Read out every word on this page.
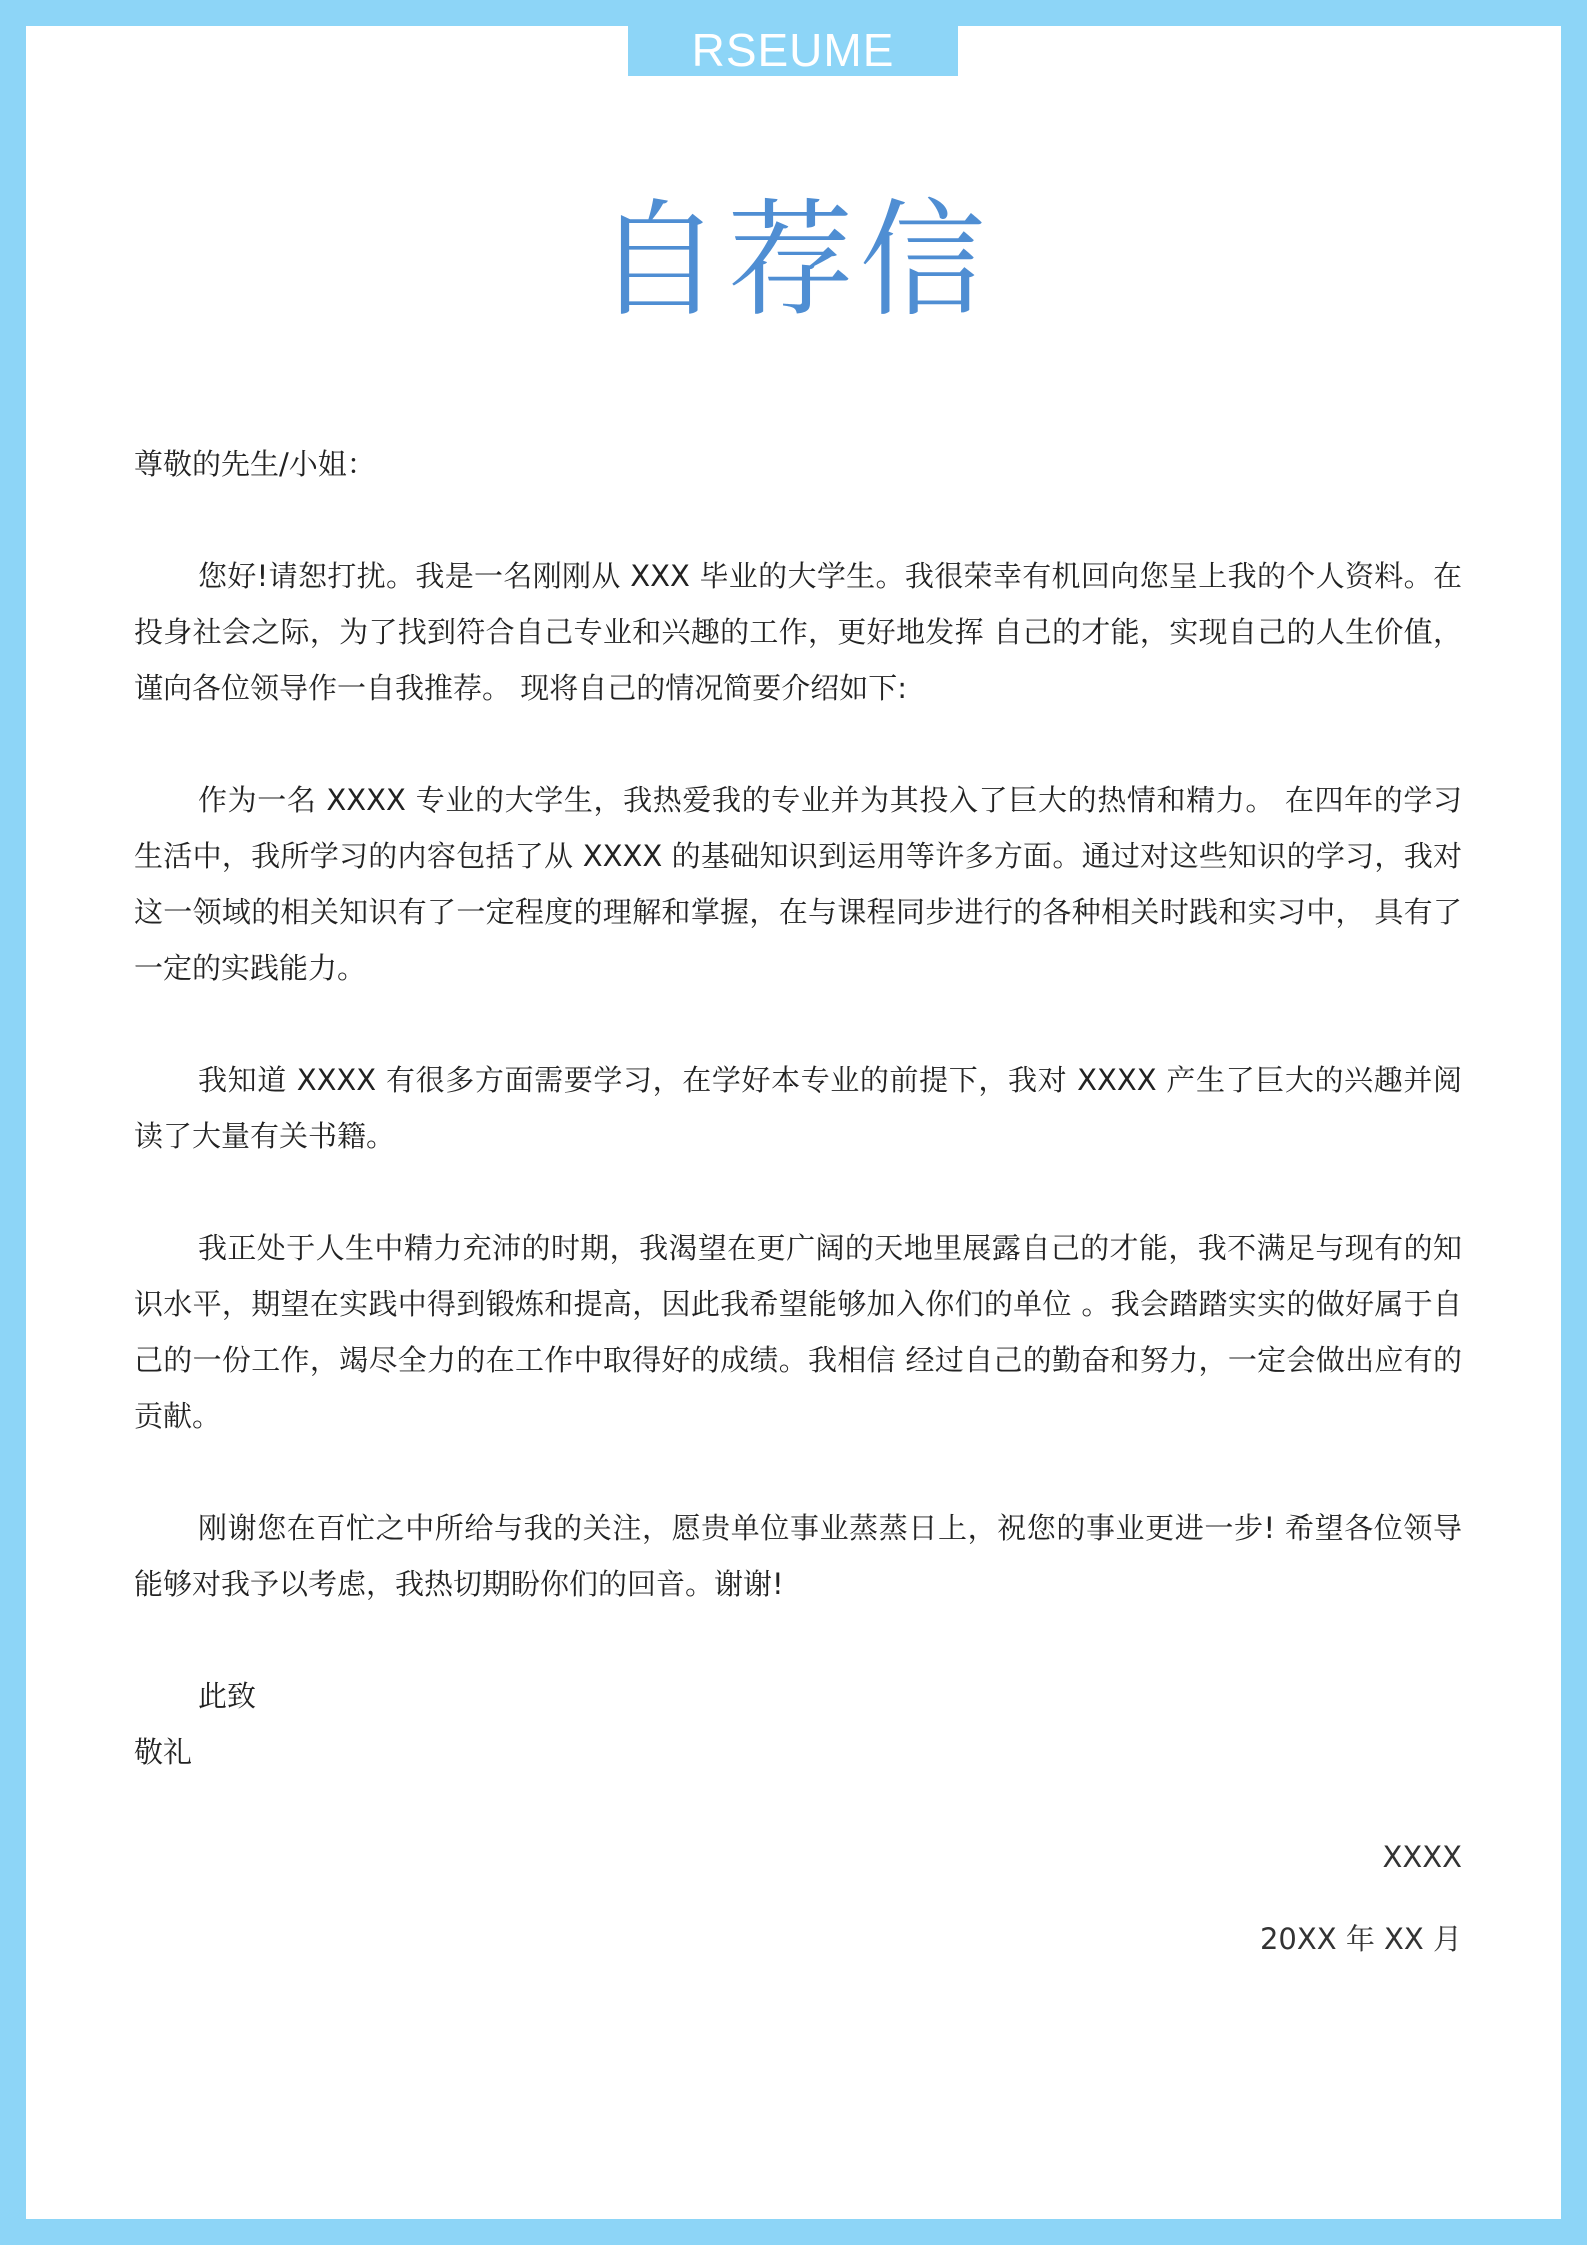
RSEUME
自荐信

尊敬的先生/小姐：

您好!请恕打扰。我是一名刚刚从 XXX 毕业的大学生。我很荣幸有机回向您呈上我的个人资料。在投身社会之际，为了找到符合自己专业和兴趣的工作，更好地发挥 自己的才能，实现自己的人生价值，谨向各位领导作一自我推荐。 现将自己的情况简要介绍如下:

作为一名 XXXX 专业的大学生，我热爱我的专业并为其投入了巨大的热情和精力。 在四年的学习生活中，我所学习的内容包括了从 XXXX 的基础知识到运用等许多方面。通过对这些知识的学习，我对这一领域的相关知识有了一定程度的理解和掌握，在与课程同步进行的各种相关时践和实习中， 具有了一定的实践能力。

我知道 XXXX 有很多方面需要学习，在学好本专业的前提下，我对 XXXX 产生了巨大的兴趣并阅读了大量有关书籍。

我正处于人生中精力充沛的时期，我渴望在更广阔的天地里展露自己的才能，我不满足与现有的知识水平，期望在实践中得到锻炼和提高，因此我希望能够加入你们的单位 。我会踏踏实实的做好属于自己的一份工作，竭尽全力的在工作中取得好的成绩。我相信 经过自己的勤奋和努力，一定会做出应有的贡献。

刚谢您在百忙之中所给与我的关注，愿贵单位事业蒸蒸日上，祝您的事业更进一步! 希望各位领导能够对我予以考虑，我热切期盼你们的回音。谢谢!

此致

敬礼

XXXX
20XX 年 XX 月
